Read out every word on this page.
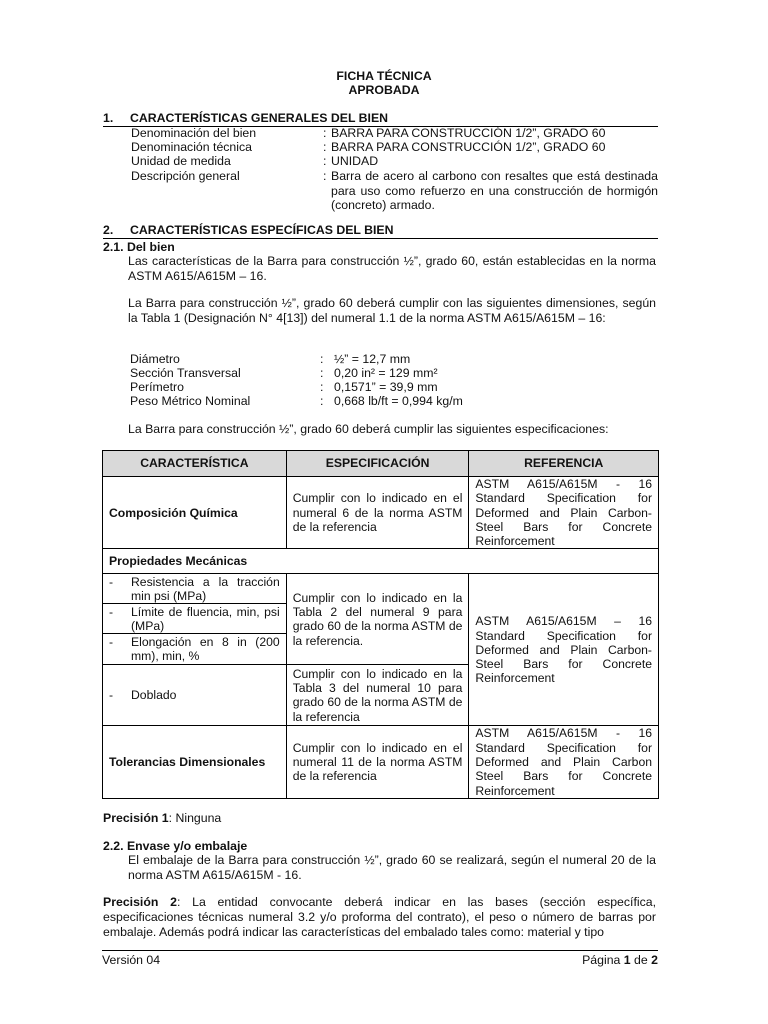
FICHA TÉCNICA
APROBADA
1. CARACTERÍSTICAS GENERALES DEL BIEN
Denominación del bien	: BARRA PARA CONSTRUCCIÓN 1/2”, GRADO 60
Denominación técnica	: BARRA PARA CONSTRUCCIÓN 1/2”, GRADO 60
Unidad de medida	: UNIDAD
Descripción general	: Barra de acero al carbono con resaltes que está destinada para uso como refuerzo en una construcción de hormigón (concreto) armado.
2. CARACTERÍSTICAS ESPECÍFICAS DEL BIEN
2.1. Del bien
Las características de la Barra para construcción ½”, grado 60, están establecidas en la norma ASTM A615/A615M – 16.
La Barra para construcción ½”, grado 60 deberá cumplir con las siguientes dimensiones, según la Tabla 1 (Designación N° 4[13]) del numeral 1.1 de la norma ASTM A615/A615M – 16:
Diámetro	: ½” = 12,7 mm
Sección Transversal	: 0,20 in² = 129 mm²
Perímetro	: 0,1571” = 39,9 mm
Peso Métrico Nominal	: 0,668 lb/ft = 0,994 kg/m
La Barra para construcción ½”, grado 60 deberá cumplir las siguientes especificaciones:
CARACTERÍSTICA	ESPECIFICACIÓN	REFERENCIA
Composición Química	Cumplir con lo indicado en el numeral 6 de la norma ASTM de la referencia	ASTM A615/A615M - 16 Standard Specification for Deformed and Plain Carbon-Steel Bars for Concrete Reinforcement
Propiedades Mecánicas		

- Resistencia a la tracción min psi (MPa)	Cumplir con lo indicado en la Tabla 2 del numeral 9 para grado 60 de la norma ASTM de la referencia.	ASTM A615/A615M – 16 Standard Specification for Deformed and Plain Carbon-Steel Bars for Concrete Reinforcement

- Límite de fluencia, min, psi (MPa)		

- Elongación en 8 in (200 mm), min, %		

- Doblado	Cumplir con lo indicado en la Tabla 3 del numeral 10 para grado 60 de la norma ASTM de la referencia	
Tolerancias Dimensionales	Cumplir con lo indicado en el numeral 11 de la norma ASTM de la referencia	ASTM A615/A615M - 16 Standard Specification for Deformed and Plain Carbon Steel Bars for Concrete Reinforcement
Precisión 1: Ninguna
2.2. Envase y/o embalaje
El embalaje de la Barra para construcción ½”, grado 60 se realizará, según el numeral 20 de la norma ASTM A615/A615M - 16.
Precisión 2: La entidad convocante deberá indicar en las bases (sección específica, especificaciones técnicas numeral 3.2 y/o proforma del contrato), el peso o número de barras por embalaje. Además podrá indicar las características del embalado tales como: material y tipo
Versión 04	Página 1 de 2
